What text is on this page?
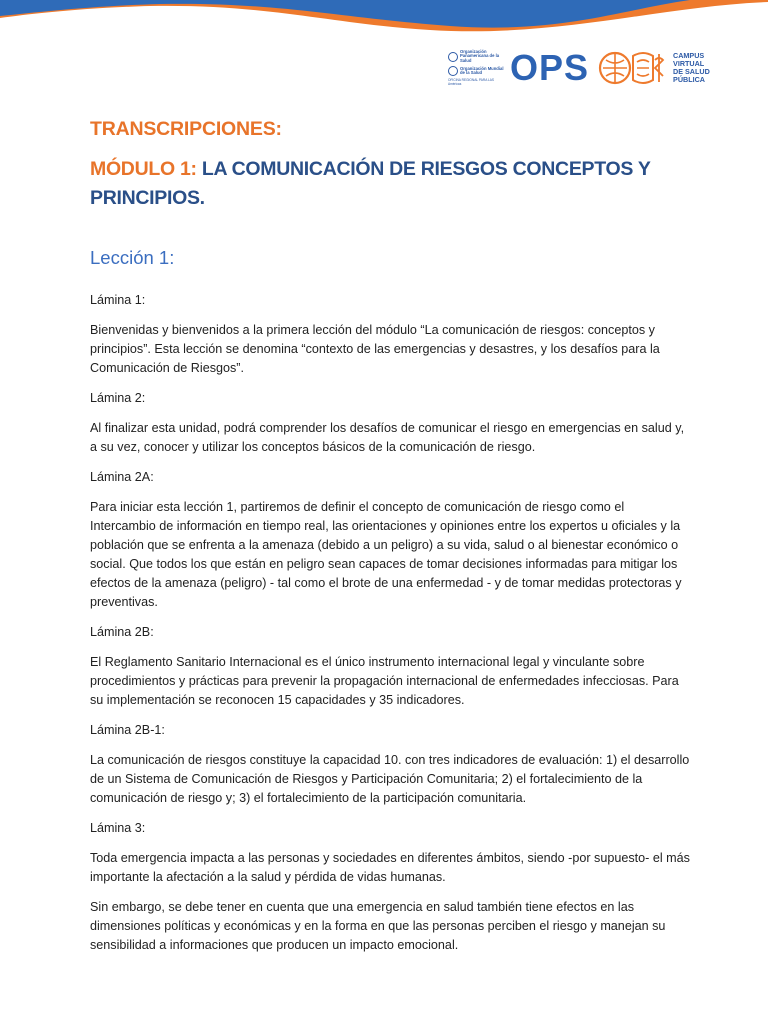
Organización Panamericana de la Salud
Organización Mundial de la Salud
OFICINA REGIONAL PARA LAS Américas	OPS	CAMPUS
VIRTUAL
DE SALUD
PÚBLICA
TRANSCRIPCIONES:
MÓDULO 1: LA COMUNICACIÓN DE RIESGOS CONCEPTOS Y PRINCIPIOS.
Lección 1:

Lámina 1:

Bienvenidas y bienvenidos a la primera lección del módulo “La comunicación de riesgos: conceptos y principios”. Esta lección se denomina “contexto de las emergencias y desastres, y los desafíos para la Comunicación de Riesgos”.

Lámina 2:

Al finalizar esta unidad, podrá comprender los desafíos de comunicar el riesgo en emergencias en salud y, a su vez, conocer y utilizar los conceptos básicos de la comunicación de riesgo.

Lámina 2A:

Para iniciar esta lección 1, partiremos de definir el concepto de comunicación de riesgo como el Intercambio de información en tiempo real, las orientaciones y opiniones entre los expertos u oficiales y la población que se enfrenta a la amenaza (debido a un peligro) a su vida, salud o al bienestar económico o social. Que todos los que están en peligro sean capaces de tomar decisiones informadas para mitigar los efectos de la amenaza (peligro) - tal como el brote de una enfermedad - y de tomar medidas protectoras y preventivas.

Lámina 2B:

El Reglamento Sanitario Internacional es el único instrumento internacional legal y vinculante sobre procedimientos y prácticas para prevenir la propagación internacional de enfermedades infecciosas. Para su implementación se reconocen 15 capacidades y 35 indicadores.

Lámina 2B-1:

La comunicación de riesgos constituye la capacidad 10. con tres indicadores de evaluación: 1) el desarrollo de un Sistema de Comunicación de Riesgos y Participación Comunitaria; 2) el fortalecimiento de la comunicación de riesgo y; 3) el fortalecimiento de la participación comunitaria.

Lámina 3:

Toda emergencia impacta a las personas y sociedades en diferentes ámbitos, siendo -por supuesto- el más importante la afectación a la salud y pérdida de vidas humanas.

Sin embargo, se debe tener en cuenta que una emergencia en salud también tiene efectos en las dimensiones políticas y económicas y en la forma en que las personas perciben el riesgo y manejan su sensibilidad a informaciones que producen un impacto emocional.
